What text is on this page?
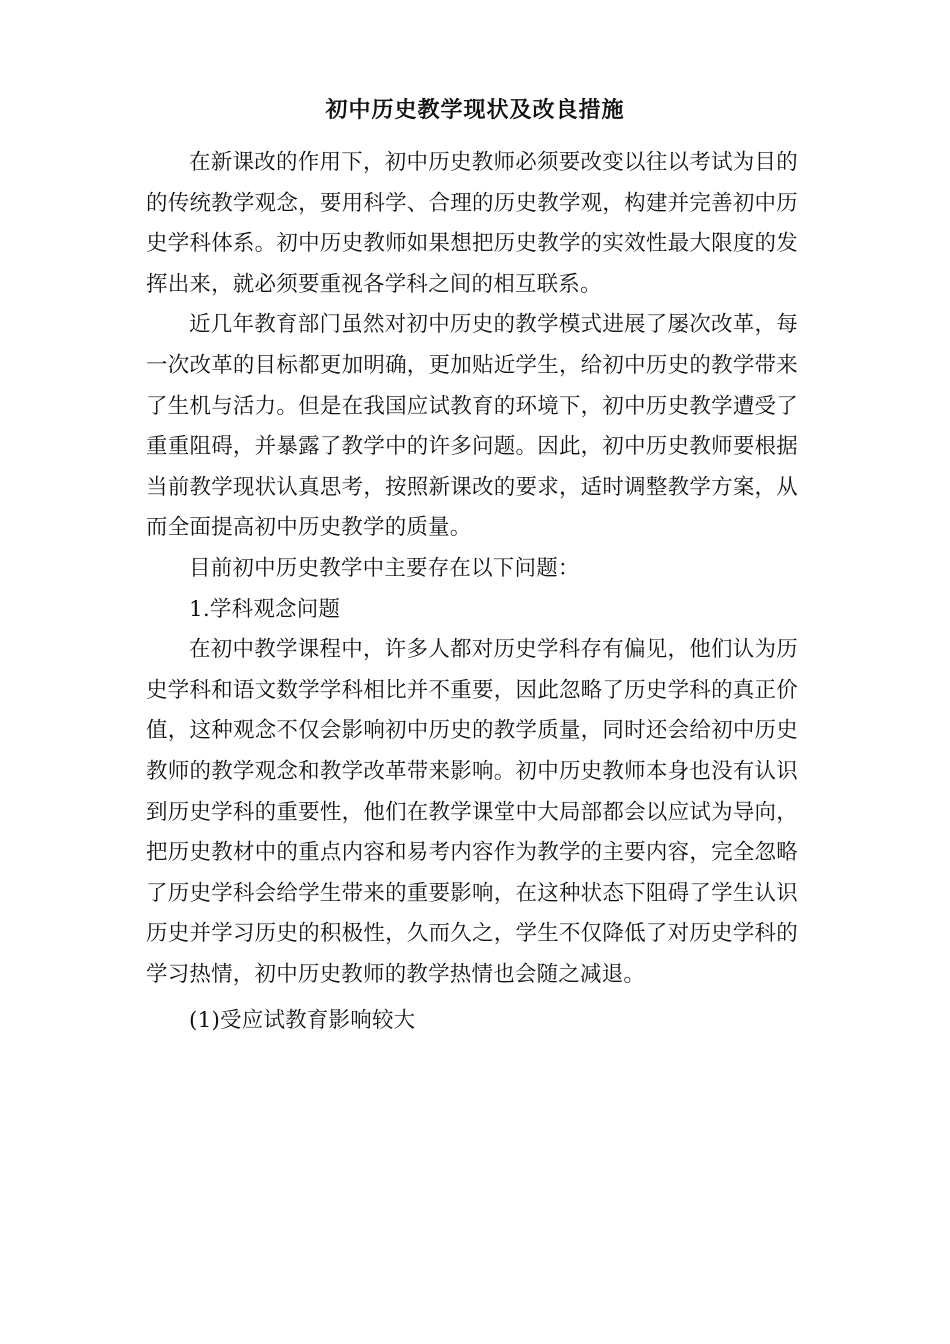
初中历史教学现状及改良措施

在新课改的作用下，初中历史教师必须要改变以往以考试为目的的传统教学观念，要用科学、合理的历史教学观，构建并完善初中历史学科体系。初中历史教师如果想把历史教学的实效性最大限度的发挥出来，就必须要重视各学科之间的相互联系。

近几年教育部门虽然对初中历史的教学模式进展了屡次改革，每一次改革的目标都更加明确，更加贴近学生，给初中历史的教学带来了生机与活力。但是在我国应试教育的环境下，初中历史教学遭受了重重阻碍，并暴露了教学中的许多问题。因此，初中历史教师要根据当前教学现状认真思考，按照新课改的要求，适时调整教学方案，从而全面提高初中历史教学的质量。

目前初中历史教学中主要存在以下问题：

1.学科观念问题

在初中教学课程中，许多人都对历史学科存有偏见，他们认为历史学科和语文数学学科相比并不重要，因此忽略了历史学科的真正价值，这种观念不仅会影响初中历史的教学质量，同时还会给初中历史教师的教学观念和教学改革带来影响。初中历史教师本身也没有认识到历史学科的重要性，他们在教学课堂中大局部都会以应试为导向，把历史教材中的重点内容和易考内容作为教学的主要内容，完全忽略了历史学科会给学生带来的重要影响，在这种状态下阻碍了学生认识历史并学习历史的积极性，久而久之，学生不仅降低了对历史学科的学习热情，初中历史教师的教学热情也会随之减退。

(1)受应试教育影响较大
